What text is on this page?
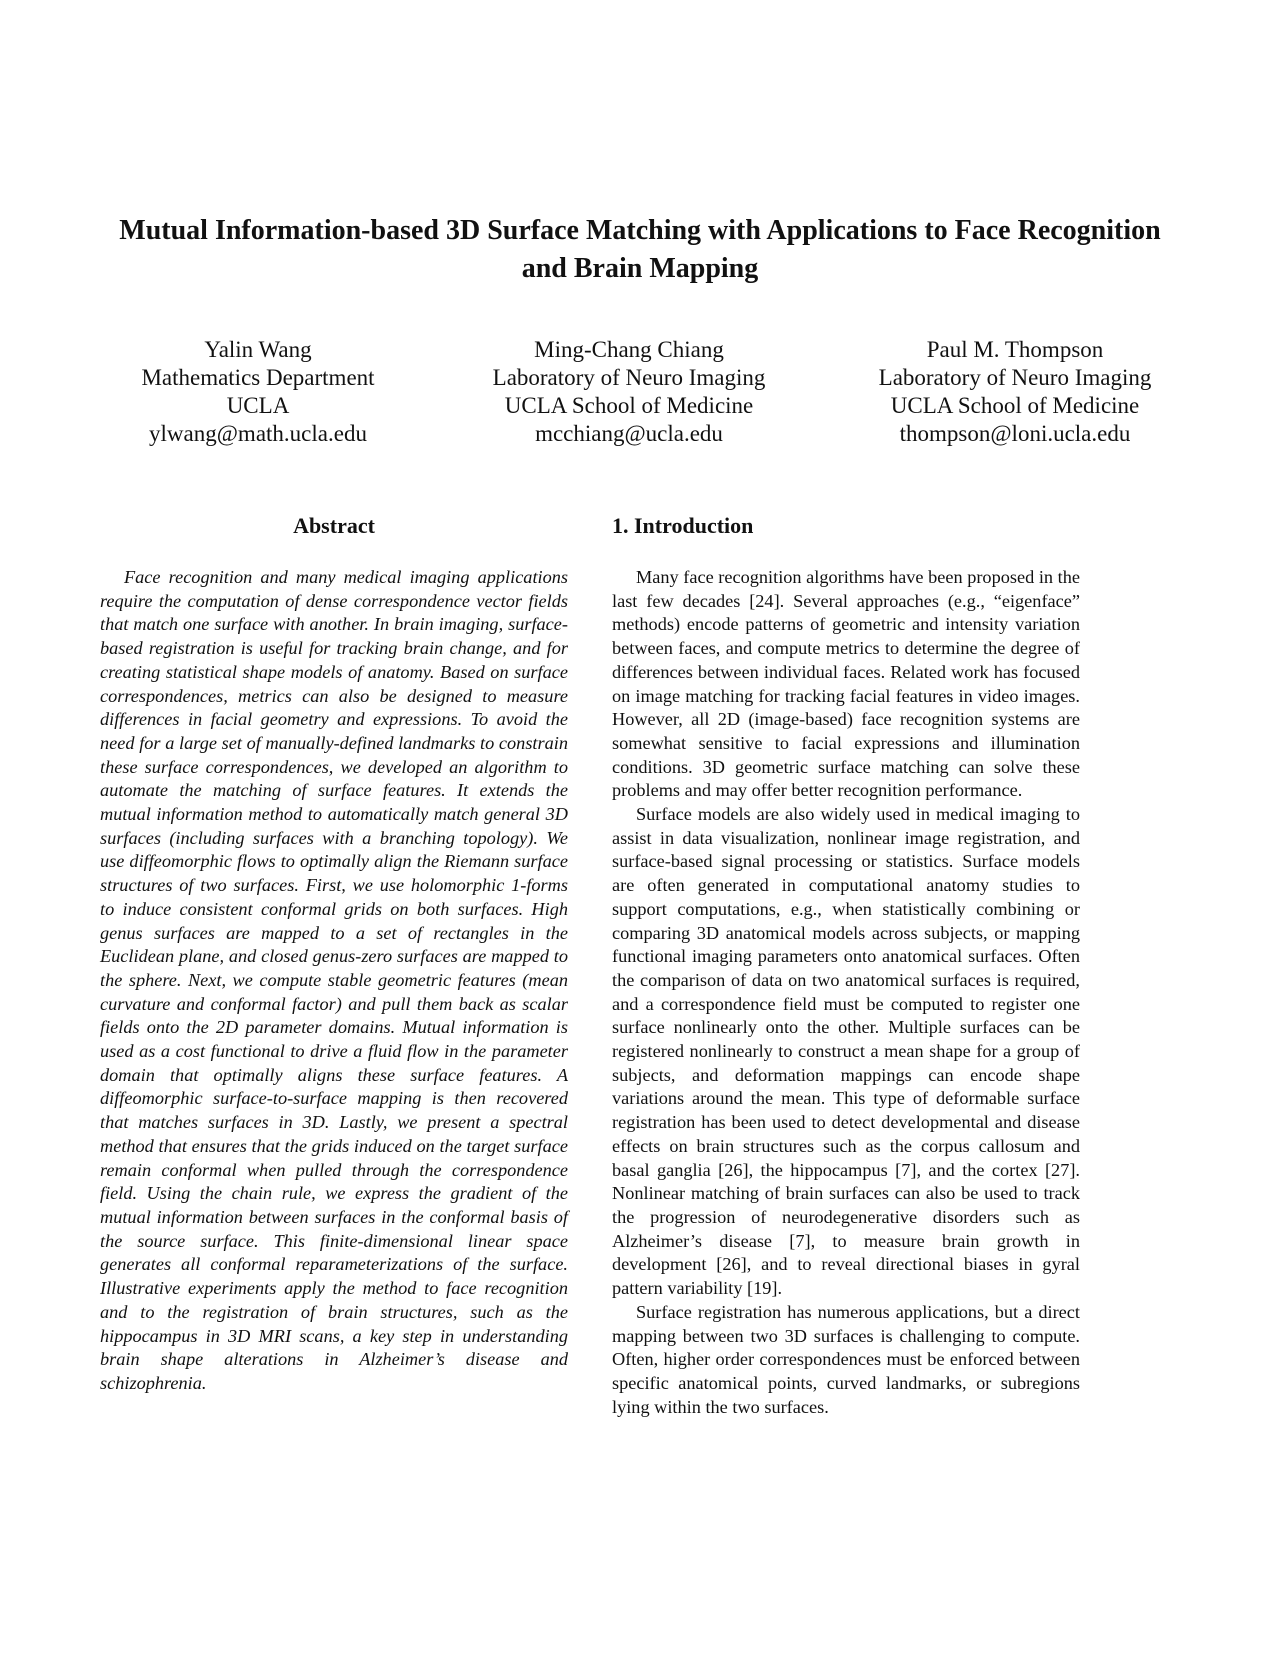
Mutual Information-based 3D Surface Matching with Applications to Face Recognition and Brain Mapping
Yalin Wang
Mathematics Department
UCLA
ylwang@math.ucla.edu
Ming-Chang Chiang
Laboratory of Neuro Imaging
UCLA School of Medicine
mcchiang@ucla.edu
Paul M. Thompson
Laboratory of Neuro Imaging
UCLA School of Medicine
thompson@loni.ucla.edu
Abstract

Face recognition and many medical imaging applications require the computation of dense correspondence vector fields that match one surface with another. In brain imaging, surface-based registration is useful for tracking brain change, and for creating statistical shape models of anatomy. Based on surface correspondences, metrics can also be designed to measure differences in facial geometry and expressions. To avoid the need for a large set of manually-defined landmarks to constrain these surface correspondences, we developed an algorithm to automate the matching of surface features. It extends the mutual information method to automatically match general 3D surfaces (including surfaces with a branching topology). We use diffeomorphic flows to optimally align the Riemann surface structures of two surfaces. First, we use holomorphic 1-forms to induce consistent conformal grids on both surfaces. High genus surfaces are mapped to a set of rectangles in the Euclidean plane, and closed genus-zero surfaces are mapped to the sphere. Next, we compute stable geometric features (mean curvature and conformal factor) and pull them back as scalar fields onto the 2D parameter domains. Mutual information is used as a cost functional to drive a fluid flow in the parameter domain that optimally aligns these surface features. A diffeomorphic surface-to-surface mapping is then recovered that matches surfaces in 3D. Lastly, we present a spectral method that ensures that the grids induced on the target surface remain conformal when pulled through the correspondence field. Using the chain rule, we express the gradient of the mutual information between surfaces in the conformal basis of the source surface. This finite-dimensional linear space generates all conformal reparameterizations of the surface. Illustrative experiments apply the method to face recognition and to the registration of brain structures, such as the hippocampus in 3D MRI scans, a key step in understanding brain shape alterations in Alzheimer’s disease and schizophrenia.

1. Introduction

Many face recognition algorithms have been proposed in the last few decades [24]. Several approaches (e.g., “eigenface” methods) encode patterns of geometric and intensity variation between faces, and compute metrics to determine the degree of differences between individual faces. Related work has focused on image matching for tracking facial features in video images. However, all 2D (image-based) face recognition systems are somewhat sensitive to facial expressions and illumination conditions. 3D geometric surface matching can solve these problems and may offer better recognition performance.

Surface models are also widely used in medical imaging to assist in data visualization, nonlinear image registration, and surface-based signal processing or statistics. Surface models are often generated in computational anatomy studies to support computations, e.g., when statistically combining or comparing 3D anatomical models across subjects, or mapping functional imaging parameters onto anatomical surfaces. Often the comparison of data on two anatomical surfaces is required, and a correspondence field must be computed to register one surface nonlinearly onto the other. Multiple surfaces can be registered nonlinearly to construct a mean shape for a group of subjects, and deformation mappings can encode shape variations around the mean. This type of deformable surface registration has been used to detect developmental and disease effects on brain structures such as the corpus callosum and basal ganglia [26], the hippocampus [7], and the cortex [27]. Nonlinear matching of brain surfaces can also be used to track the progression of neurodegenerative disorders such as Alzheimer’s disease [7], to measure brain growth in development [26], and to reveal directional biases in gyral pattern variability [19].

Surface registration has numerous applications, but a direct mapping between two 3D surfaces is challenging to compute. Often, higher order correspondences must be enforced between specific anatomical points, curved landmarks, or subregions lying within the two surfaces.
